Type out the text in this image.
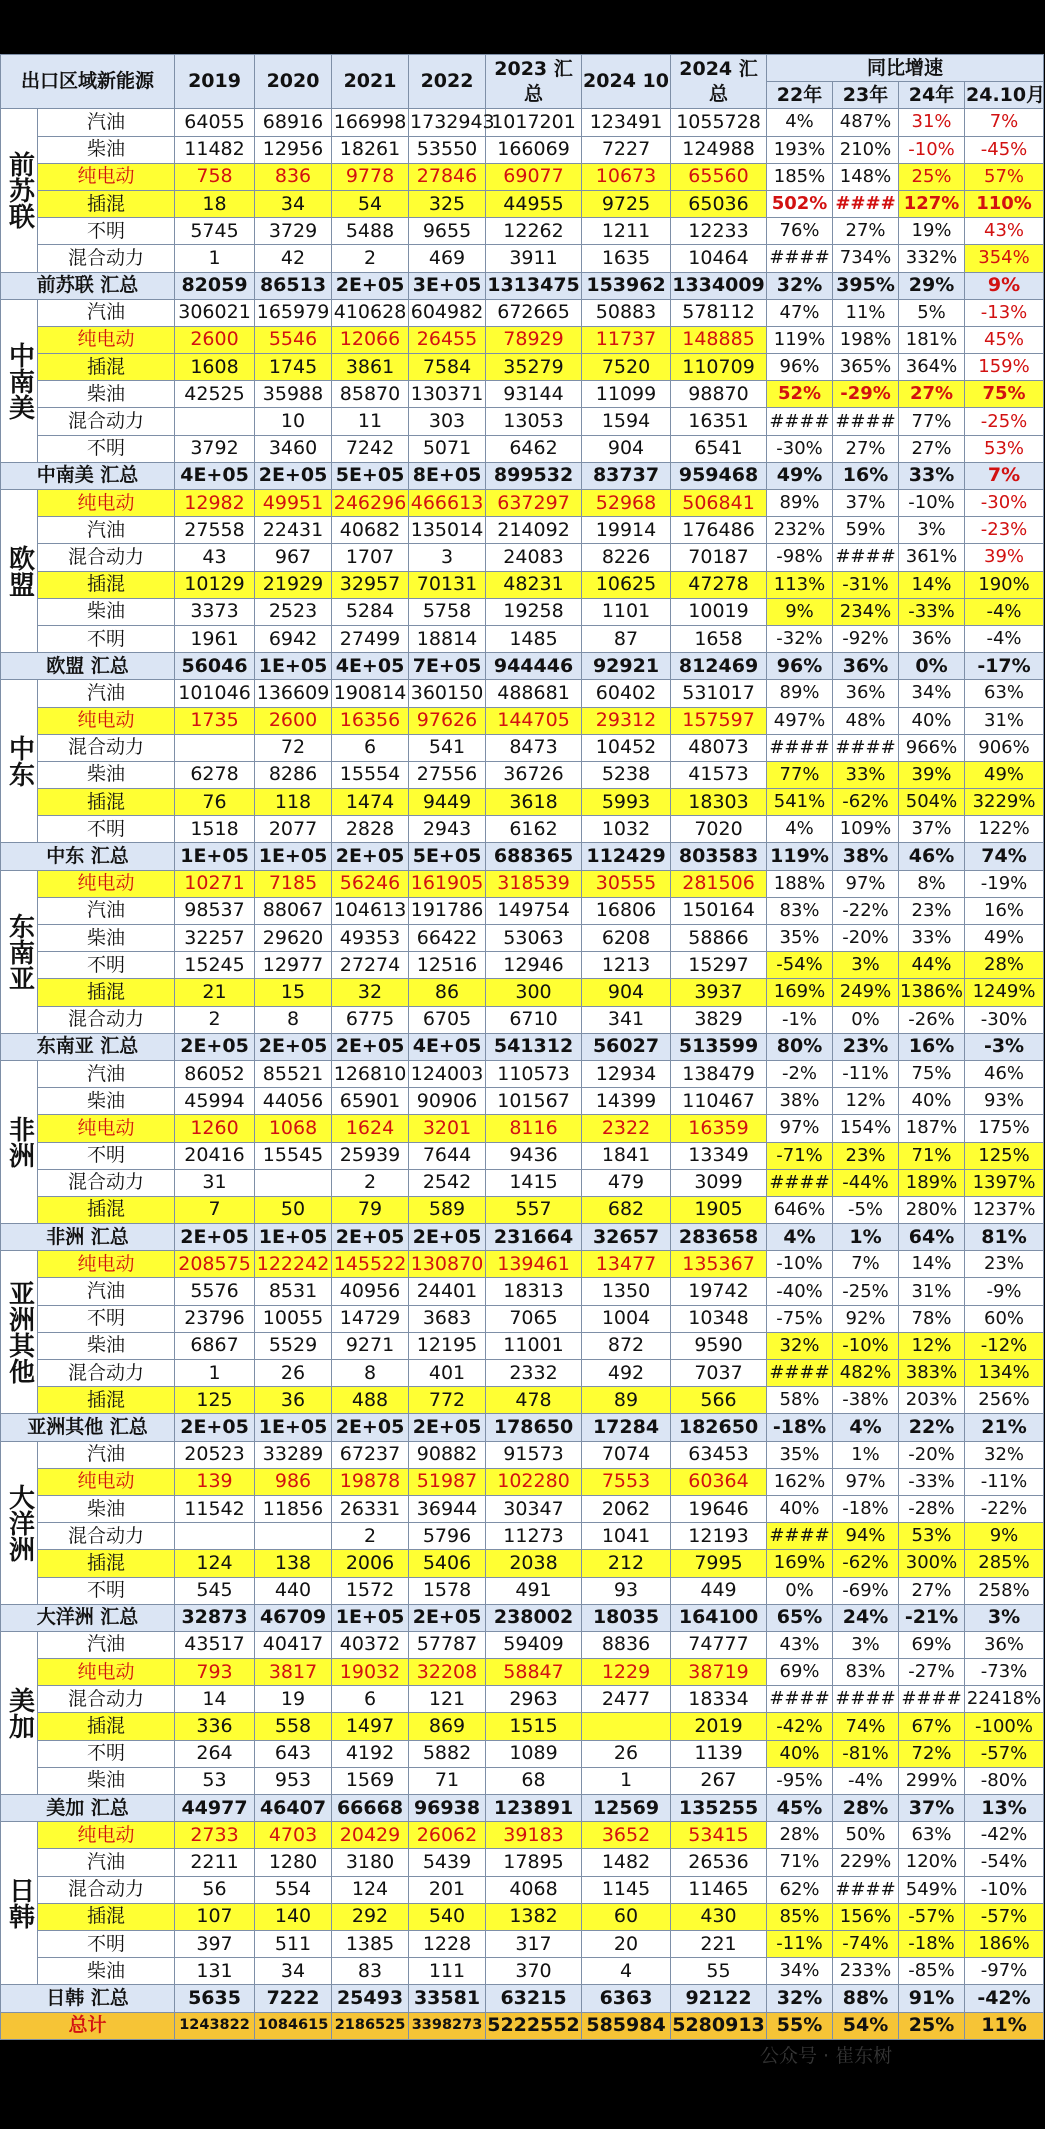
出口区域新能源		2019	2020	2021	2022	2023 汇总	2024 10	2024 汇总	同比增速			
									22年	23年	24年	24.10月
前苏联	汽油	64055	68916	166998	1732943	1017201	123491	1055728	4%	487%	31%	7%
	柴油	11482	12956	18261	53550	166069	7227	124988	193%	210%	-10%	-45%
	纯电动	758	836	9778	27846	69077	10673	65560	185%	148%	25%	57%
	插混	18	34	54	325	44955	9725	65036	502%	####	127%	110%
	不明	5745	3729	5488	9655	12262	1211	12233	76%	27%	19%	43%
	混合动力	1	42	2	469	3911	1635	10464	####	734%	332%	354%
前苏联 汇总		82059	86513	2E+05	3E+05	1313475	153962	1334009	32%	395%	29%	9%
中南美	汽油	306021	165979	410628	604982	672665	50883	578112	47%	11%	5%	-13%
	纯电动	2600	5546	12066	26455	78929	11737	148885	119%	198%	181%	45%
	插混	1608	1745	3861	7584	35279	7520	110709	96%	365%	364%	159%
	柴油	42525	35988	85870	130371	93144	11099	98870	52%	-29%	27%	75%
	混合动力		10	11	303	13053	1594	16351	####	####	77%	-25%
	不明	3792	3460	7242	5071	6462	904	6541	-30%	27%	27%	53%
中南美 汇总		4E+05	2E+05	5E+05	8E+05	899532	83737	959468	49%	16%	33%	7%
欧盟	纯电动	12982	49951	246296	466613	637297	52968	506841	89%	37%	-10%	-30%
	汽油	27558	22431	40682	135014	214092	19914	176486	232%	59%	3%	-23%
	混合动力	43	967	1707	3	24083	8226	70187	-98%	####	361%	39%
	插混	10129	21929	32957	70131	48231	10625	47278	113%	-31%	14%	190%
	柴油	3373	2523	5284	5758	19258	1101	10019	9%	234%	-33%	-4%
	不明	1961	6942	27499	18814	1485	87	1658	-32%	-92%	36%	-4%
欧盟 汇总		56046	1E+05	4E+05	7E+05	944446	92921	812469	96%	36%	0%	-17%
中东	汽油	101046	136609	190814	360150	488681	60402	531017	89%	36%	34%	63%
	纯电动	1735	2600	16356	97626	144705	29312	157597	497%	48%	40%	31%
	混合动力		72	6	541	8473	10452	48073	####	####	966%	906%
	柴油	6278	8286	15554	27556	36726	5238	41573	77%	33%	39%	49%
	插混	76	118	1474	9449	3618	5993	18303	541%	-62%	504%	3229%
	不明	1518	2077	2828	2943	6162	1032	7020	4%	109%	37%	122%
中东 汇总		1E+05	1E+05	2E+05	5E+05	688365	112429	803583	119%	38%	46%	74%
东南亚	纯电动	10271	7185	56246	161905	318539	30555	281506	188%	97%	8%	-19%
	汽油	98537	88067	104613	191786	149754	16806	150164	83%	-22%	23%	16%
	柴油	32257	29620	49353	66422	53063	6208	58866	35%	-20%	33%	49%
	不明	15245	12977	27274	12516	12946	1213	15297	-54%	3%	44%	28%
	插混	21	15	32	86	300	904	3937	169%	249%	1386%	1249%
	混合动力	2	8	6775	6705	6710	341	3829	-1%	0%	-26%	-30%
东南亚 汇总		2E+05	2E+05	2E+05	4E+05	541312	56027	513599	80%	23%	16%	-3%
非洲	汽油	86052	85521	126810	124003	110573	12934	138479	-2%	-11%	75%	46%
	柴油	45994	44056	65901	90906	101567	14399	110467	38%	12%	40%	93%
	纯电动	1260	1068	1624	3201	8116	2322	16359	97%	154%	187%	175%
	不明	20416	15545	25939	7644	9436	1841	13349	-71%	23%	71%	125%
	混合动力	31		2	2542	1415	479	3099	####	-44%	189%	1397%
	插混	7	50	79	589	557	682	1905	646%	-5%	280%	1237%
非洲 汇总		2E+05	1E+05	2E+05	2E+05	231664	32657	283658	4%	1%	64%	81%
亚洲其他	纯电动	208575	122242	145522	130870	139461	13477	135367	-10%	7%	14%	23%
	汽油	5576	8531	40956	24401	18313	1350	19742	-40%	-25%	31%	-9%
	不明	23796	10055	14729	3683	7065	1004	10348	-75%	92%	78%	60%
	柴油	6867	5529	9271	12195	11001	872	9590	32%	-10%	12%	-12%
	混合动力	1	26	8	401	2332	492	7037	####	482%	383%	134%
	插混	125	36	488	772	478	89	566	58%	-38%	203%	256%
亚洲其他 汇总		2E+05	1E+05	2E+05	2E+05	178650	17284	182650	-18%	4%	22%	21%
大洋洲	汽油	20523	33289	67237	90882	91573	7074	63453	35%	1%	-20%	32%
	纯电动	139	986	19878	51987	102280	7553	60364	162%	97%	-33%	-11%
	柴油	11542	11856	26331	36944	30347	2062	19646	40%	-18%	-28%	-22%
	混合动力			2	5796	11273	1041	12193	####	94%	53%	9%
	插混	124	138	2006	5406	2038	212	7995	169%	-62%	300%	285%
	不明	545	440	1572	1578	491	93	449	0%	-69%	27%	258%
大洋洲 汇总		32873	46709	1E+05	2E+05	238002	18035	164100	65%	24%	-21%	3%
美加	汽油	43517	40417	40372	57787	59409	8836	74777	43%	3%	69%	36%
	纯电动	793	3817	19032	32208	58847	1229	38719	69%	83%	-27%	-73%
	混合动力	14	19	6	121	2963	2477	18334	####	####	####	22418%
	插混	336	558	1497	869	1515		2019	-42%	74%	67%	-100%
	不明	264	643	4192	5882	1089	26	1139	40%	-81%	72%	-57%
	柴油	53	953	1569	71	68	1	267	-95%	-4%	299%	-80%
美加 汇总		44977	46407	66668	96938	123891	12569	135255	45%	28%	37%	13%
日韩	纯电动	2733	4703	20429	26062	39183	3652	53415	28%	50%	63%	-42%
	汽油	2211	1280	3180	5439	17895	1482	26536	71%	229%	120%	-54%
	混合动力	56	554	124	201	4068	1145	11465	62%	####	549%	-10%
	插混	107	140	292	540	1382	60	430	85%	156%	-57%	-57%
	不明	397	511	1385	1228	317	20	221	-11%	-74%	-18%	186%
	柴油	131	34	83	111	370	4	55	34%	233%	-85%	-97%
日韩 汇总		5635	7222	25493	33581	63215	6363	92122	32%	88%	91%	-42%
总计		1243822	1084615	2186525	3398273	5222552	585984	5280913	55%	54%	25%	11%
公众号 · 崔东树
